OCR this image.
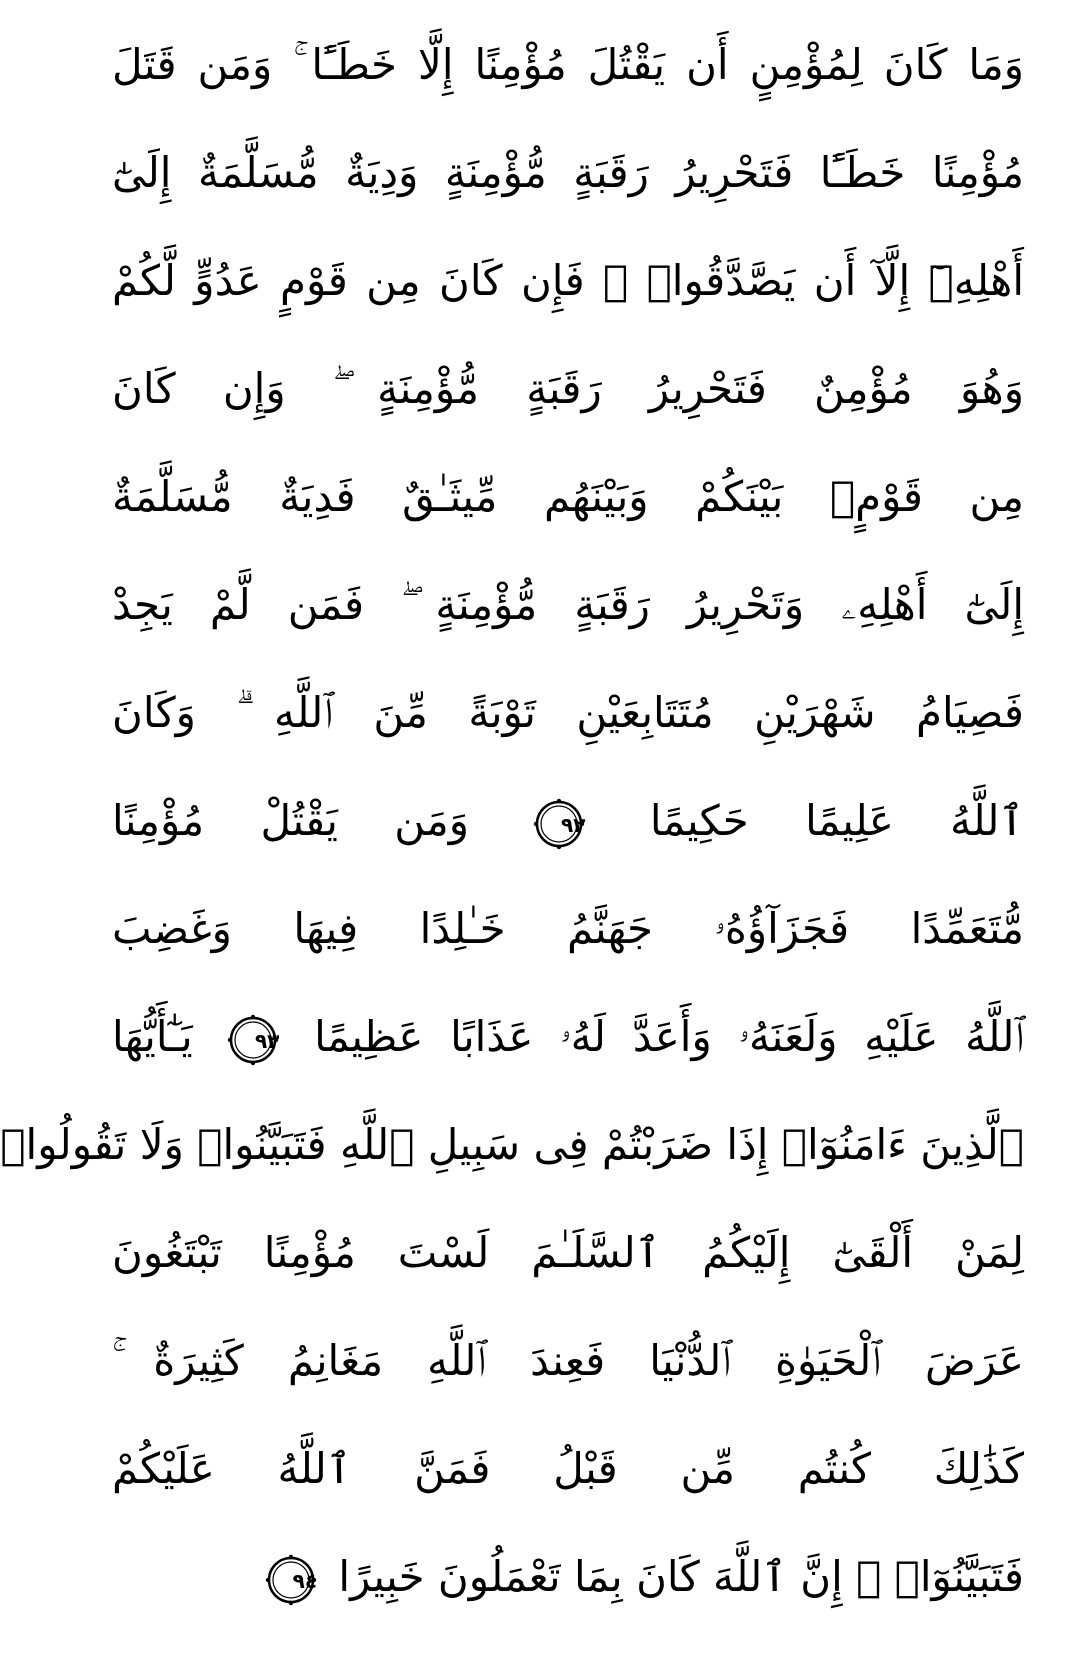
وَمَا كَانَ لِمُؤْمِنٍ أَن يَقْتُلَ مُؤْمِنًا إِلَّا خَطَـًٔا ۚ وَمَن قَتَلَ
مُؤْمِنًا خَطَـًٔا فَتَحْرِيرُ رَقَبَةٍ مُّؤْمِنَةٍ وَدِيَةٌ مُّسَلَّمَةٌ إِلَىٰٓ
أَهْلِهِۦٓ إِلَّآ أَن يَصَّدَّقُوا۟ ۚ فَإِن كَانَ مِن قَوْمٍ عَدُوٍّ لَّكُمْ
وَهُوَ مُؤْمِنٌ فَتَحْرِيرُ رَقَبَةٍ مُّؤْمِنَةٍ ۖ وَإِن كَانَ
مِن قَوْمٍۭ بَيْنَكُمْ وَبَيْنَهُم مِّيثَـٰقٌ فَدِيَةٌ مُّسَلَّمَةٌ
إِلَىٰٓ أَهْلِهِۦ وَتَحْرِيرُ رَقَبَةٍ مُّؤْمِنَةٍ ۖ فَمَن لَّمْ يَجِدْ
فَصِيَامُ شَهْرَيْنِ مُتَتَابِعَيْنِ تَوْبَةً مِّنَ ٱللَّهِ ۗ وَكَانَ
ٱللَّهُ عَلِيمًا حَكِيمًا
٩٢
وَمَن يَقْتُلْ مُؤْمِنًا
مُّتَعَمِّدًا فَجَزَآؤُهُۥ جَهَنَّمُ خَـٰلِدًا فِيهَا وَغَضِبَ
ٱللَّهُ عَلَيْهِ وَلَعَنَهُۥ وَأَعَدَّ لَهُۥ عَذَابًا عَظِيمًا
٩٣
يَـٰٓأَيُّهَا
ٱلَّذِينَ ءَامَنُوٓا۟ إِذَا ضَرَبْتُمْ فِى سَبِيلِ ٱللَّهِ فَتَبَيَّنُوا۟ وَلَا تَقُولُوا۟
لِمَنْ أَلْقَىٰٓ إِلَيْكُمُ ٱلسَّلَـٰمَ لَسْتَ مُؤْمِنًا تَبْتَغُونَ
عَرَضَ ٱلْحَيَوٰةِ ٱلدُّنْيَا فَعِندَ ٱللَّهِ مَغَانِمُ كَثِيرَةٌ ۚ
كَذَٰلِكَ كُنتُم مِّن قَبْلُ فَمَنَّ ٱللَّهُ عَلَيْكُمْ
فَتَبَيَّنُوٓا۟ ۚ إِنَّ ٱللَّهَ كَانَ بِمَا تَعْمَلُونَ خَبِيرًا
٩٤
